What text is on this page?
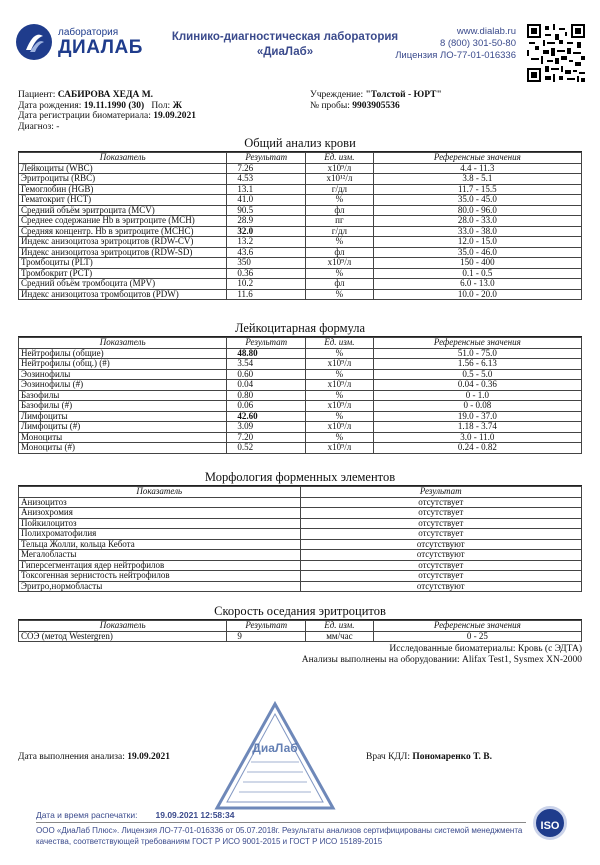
лаборатория
ДИАЛАБ	Клинико-диагностическая лаборатория
«ДиаЛаб»
www.dialab.ru
8 (800) 301-50-80
Лицензия ЛО-77-01-016336
Пациент: САБИРОВА ХЕДА М.
Дата рождения: 19.11.1990 (30) Пол: Ж
Дата регистрации биоматериала: 19.09.2021
Диагноз: -
Учреждение: "Толстой - ЮРТ"
№ пробы: 9903905536
Общий анализ крови
Показатель	Результат	Ед. изм.	Референсные значения
Лейкоциты (WBC)	7.26	x10⁹/л	4.4 - 11.3
Эритроциты (RBC)	4.53	x10¹²/л	3.8 - 5.1
Гемоглобин (HGB)	13.1	г/дл	11.7 - 15.5
Гематокрит (HCT)	41.0	%	35.0 - 45.0
Средний объём эритроцита (MCV)	90.5	фл	80.0 - 96.0
Среднее содержание Hb в эритроците (MCH)	28.9	пг	28.0 - 33.0
Средняя концентр. Hb в эритроците (MCHC)	32.0	г/дл	33.0 - 38.0
Индекс анизоцитоза эритроцитов (RDW-CV)	13.2	%	12.0 - 15.0
Индекс анизоцитоза эритроцитов (RDW-SD)	43.6	фл	35.0 - 46.0
Тромбоциты (PLT)	350	x10⁹/л	150 - 400
Тромбокрит (PCT)	0.36	%	0.1 - 0.5
Средний объём тромбоцита (MPV)	10.2	фл	6.0 - 13.0
Индекс анизоцитоза тромбоцитов (PDW)	11.6	%	10.0 - 20.0
Лейкоцитарная формула
Показатель	Результат	Ед. изм.	Референсные значения
Нейтрофилы (общие)	48.80	%	51.0 - 75.0
Нейтрофилы (общ.) (#)	3.54	x10⁹/л	1.56 - 6.13
Эозинофилы	0.60	%	0.5 - 5.0
Эозинофилы (#)	0.04	x10⁹/л	0.04 - 0.36
Базофилы	0.80	%	0 - 1.0
Базофилы (#)	0.06	x10⁹/л	0 - 0.08
Лимфоциты	42.60	%	19.0 - 37.0
Лимфоциты (#)	3.09	x10⁹/л	1.18 - 3.74
Моноциты	7.20	%	3.0 - 11.0
Моноциты (#)	0.52	x10⁹/л	0.24 - 0.82
Морфология форменных элементов
Показатель	Результат
Анизоцитоз	отсутствует
Анизохромия	отсутствует
Пойкилоцитоз	отсутствует
Полихроматофилия	отсутствует
Тельца Жолли, кольца Кебота	отсутствуют
Мегалобласты	отсутствуют
Гиперсегментация ядер нейтрофилов	отсутствует
Токсогенная зернистость нейтрофилов	отсутствует
Эритро,нормобласты	отсутствуют
Скорость оседания эритроцитов
Показатель	Результат	Ед. изм.	Референсные значения
СОЭ (метод Westergren)	9	мм/час	0 - 25
Исследованные биоматериалы: Кровь (с ЭДТА)
Анализы выполнены на оборудовании: Alifax Test1, Sysmex XN-2000
Дата выполнения анализа: 19.09.2021
ДиаЛаб
Врач КДЛ: Пономаренко Т. В.
Дата и время распечатки: 19.09.2021 12:58:34
ООО «ДиаЛаб Плюс». Лицензия ЛО-77-01-016336 от 05.07.2018г. Результаты анализов сертифицированы системой менеджмента качества, соответствующей требованиям ГОСТ Р ИСО 9001-2015 и ГОСТ Р ИСО 15189-2015
ISO
